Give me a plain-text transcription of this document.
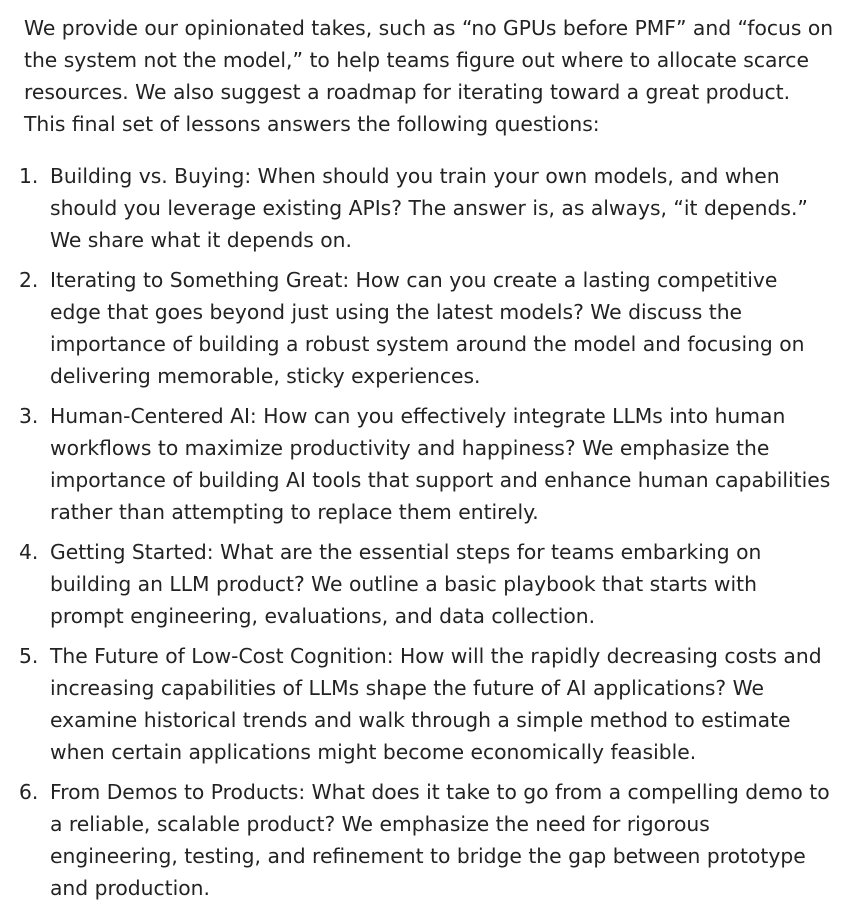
We provide our opinionated takes, such as “no GPUs before PMF” and “focus on the system not the model,” to help teams figure out where to allocate scarce resources. We also suggest a roadmap for iterating toward a great product. This final set of lessons answers the following questions:

1. Building vs. Buying: When should you train your own models, and when should you leverage existing APIs? The answer is, as always, “it depends.” We share what it depends on.
2. Iterating to Something Great: How can you create a lasting competitive edge that goes beyond just using the latest models? We discuss the importance of building a robust system around the model and focusing on delivering memorable, sticky experiences.
3. Human-Centered AI: How can you effectively integrate LLMs into human workflows to maximize productivity and happiness? We emphasize the importance of building AI tools that support and enhance human capabilities rather than attempting to replace them entirely.
4. Getting Started: What are the essential steps for teams embarking on building an LLM product? We outline a basic playbook that starts with prompt engineering, evaluations, and data collection.
5. The Future of Low-Cost Cognition: How will the rapidly decreasing costs and increasing capabilities of LLMs shape the future of AI applications? We examine historical trends and walk through a simple method to estimate when certain applications might become economically feasible.
6. From Demos to Products: What does it take to go from a compelling demo to a reliable, scalable product? We emphasize the need for rigorous engineering, testing, and refinement to bridge the gap between prototype and production.
